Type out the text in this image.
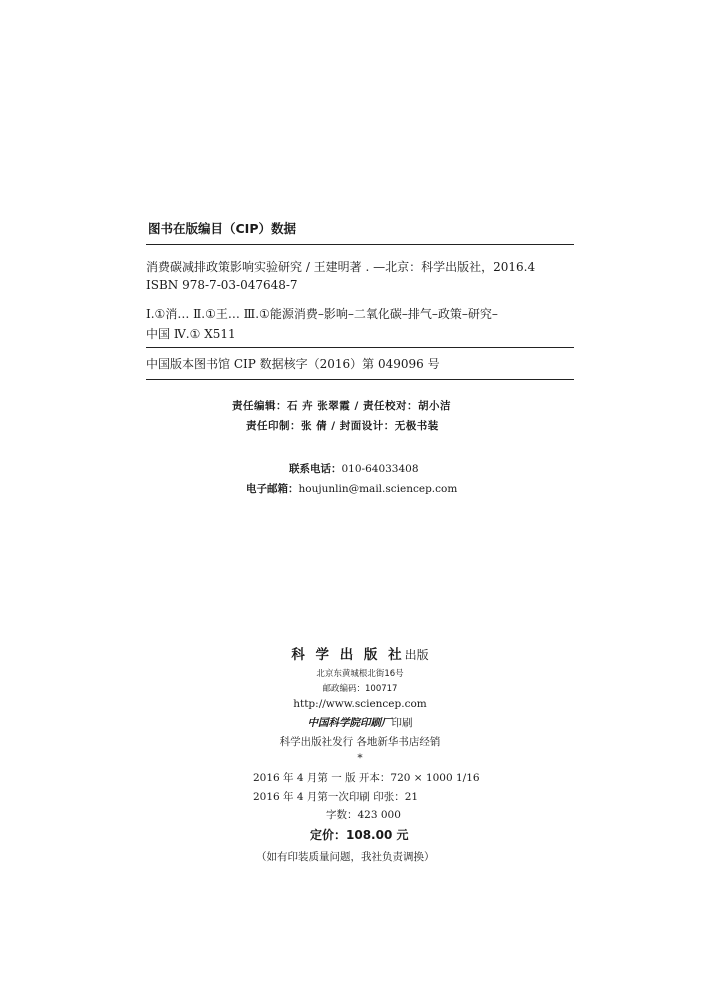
图书在版编目（CIP）数据
消费碳减排政策影响实验研究 / 王建明著 . —北京：科学出版社，2016.4
ISBN 978-7-03-047648-7
Ⅰ.①消… Ⅱ.①王… Ⅲ.①能源消费–影响–二氧化碳–排气–政策–研究–
中国 Ⅳ.① X511
中国版本图书馆 CIP 数据核字（2016）第 049096 号
责任编辑：石 卉 张翠霞 / 责任校对：胡小洁
责任印制：张 倩 / 封面设计：无极书装
联系电话：010-64033408
电子邮箱：houjunlin@mail.sciencep.com
科 学 出 版 社出版
北京东黄城根北街16号
邮政编码：100717
http://www.sciencep.com
中国科学院印刷厂印刷
科学出版社发行 各地新华书店经销
*
2016 年 4 月第 一 版 开本：720 × 1000 1/16
2016 年 4 月第一次印刷 印张：21
字数：423 000
定价：108.00 元
（如有印装质量问题，我社负责调换）
